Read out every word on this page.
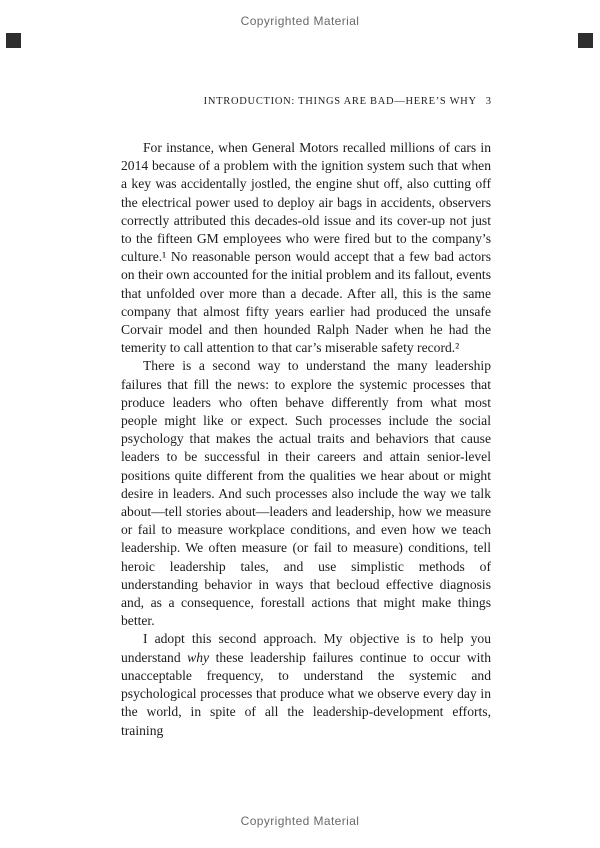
Copyrighted Material
INTRODUCTION: THINGS ARE BAD—HERE’S WHY 3

For instance, when General Motors recalled millions of cars in 2014 because of a problem with the ignition system such that when a key was accidentally jostled, the engine shut off, also cutting off the electrical power used to deploy air bags in accidents, observers correctly attributed this decades-old issue and its cover-up not just to the fifteen GM employees who were fired but to the company’s culture.¹ No reasonable person would accept that a few bad actors on their own accounted for the initial problem and its fallout, events that unfolded over more than a decade. After all, this is the same company that almost fifty years earlier had produced the unsafe Corvair model and then hounded Ralph Nader when he had the temerity to call attention to that car’s miserable safety record.²

There is a second way to understand the many leadership failures that fill the news: to explore the systemic processes that produce leaders who often behave differently from what most people might like or expect. Such processes include the social psychology that makes the actual traits and behaviors that cause leaders to be successful in their careers and attain senior-level positions quite different from the qualities we hear about or might desire in leaders. And such processes also include the way we talk about—tell stories about—leaders and leadership, how we measure or fail to measure workplace conditions, and even how we teach leadership. We often measure (or fail to measure) conditions, tell heroic leadership tales, and use simplistic methods of understanding behavior in ways that becloud effective diagnosis and, as a consequence, forestall actions that might make things better.

I adopt this second approach. My objective is to help you understand why these leadership failures continue to occur with unacceptable frequency, to understand the systemic and psychological processes that produce what we observe every day in the world, in spite of all the leadership-development efforts, training

Copyrighted Material
